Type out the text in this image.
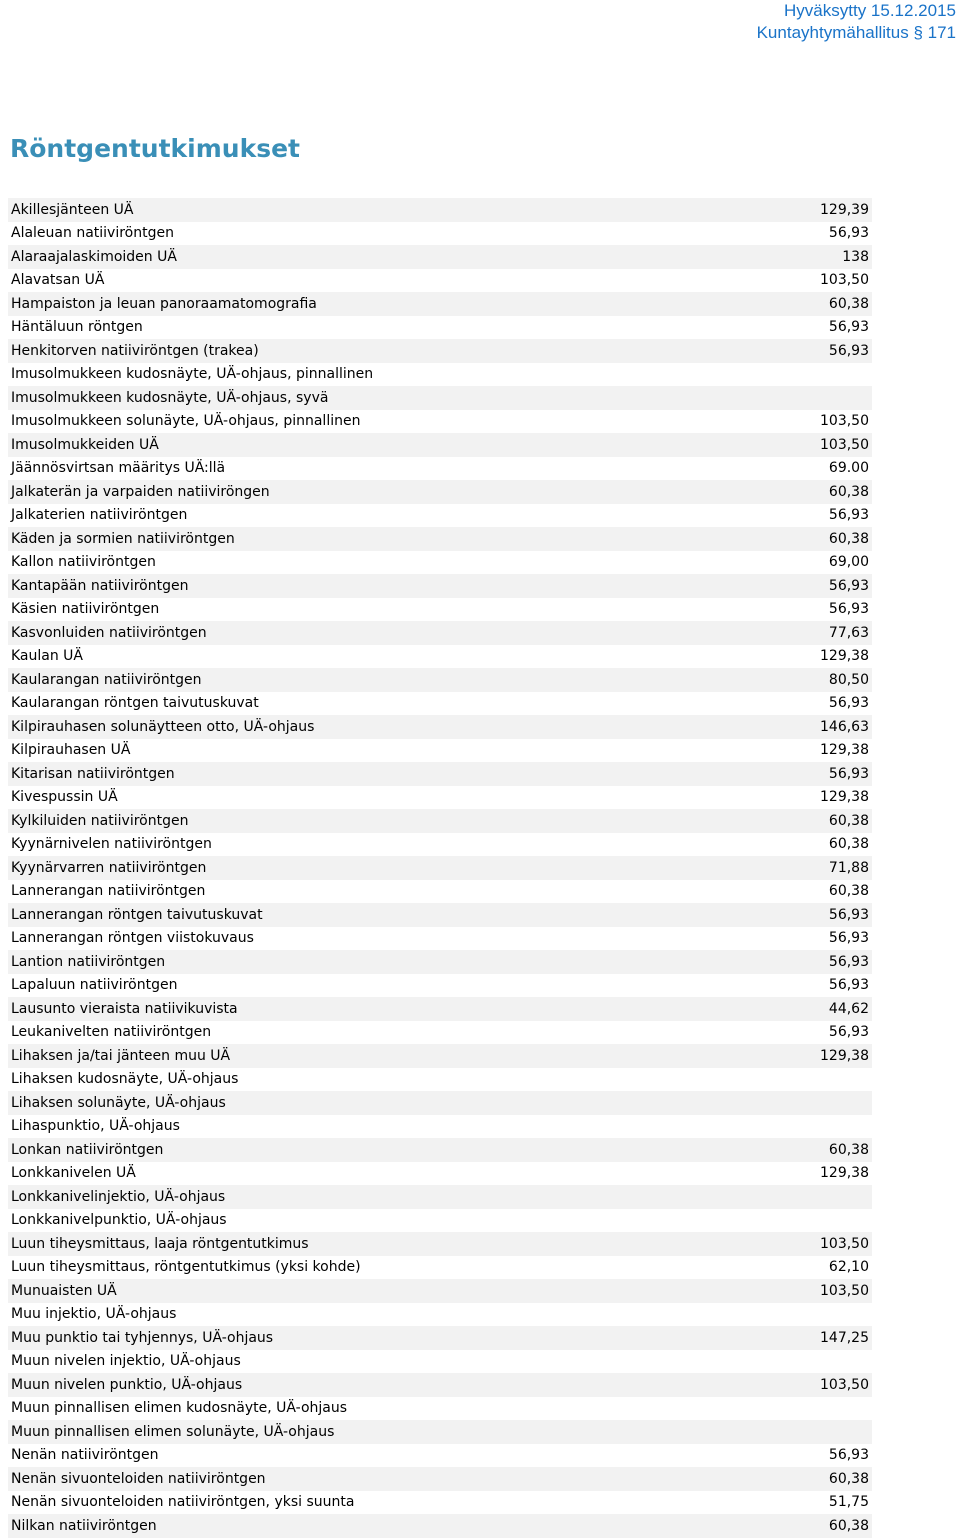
Hyväksytty 15.12.2015
Kuntayhtymähallitus § 171
Röntgentutkimukset
Akillesjänteen UÄ	129,39
Alaleuan natiiviröntgen	56,93
Alaraajalaskimoiden UÄ	138
Alavatsan UÄ	103,50
Hampaiston ja leuan panoraamatomografia	60,38
Häntäluun röntgen	56,93
Henkitorven natiiviröntgen (trakea)	56,93
Imusolmukkeen kudosnäyte, UÄ-ohjaus, pinnallinen
Imusolmukkeen kudosnäyte, UÄ-ohjaus, syvä
Imusolmukkeen solunäyte, UÄ-ohjaus, pinnallinen	103,50
Imusolmukkeiden UÄ	103,50
Jäännösvirtsan määritys UÄ:llä	69.00
Jalkaterän ja varpaiden natiiviröngen	60,38
Jalkaterien natiiviröntgen	56,93
Käden ja sormien natiiviröntgen	60,38
Kallon natiiviröntgen	69,00
Kantapään natiiviröntgen	56,93
Käsien natiiviröntgen	56,93
Kasvonluiden natiiviröntgen	77,63
Kaulan UÄ	129,38
Kaularangan natiiviröntgen	80,50
Kaularangan röntgen taivutuskuvat	56,93
Kilpirauhasen solunäytteen otto, UÄ-ohjaus	146,63
Kilpirauhasen UÄ	129,38
Kitarisan natiiviröntgen	56,93
Kivespussin UÄ	129,38
Kylkiluiden natiiviröntgen	60,38
Kyynärnivelen natiiviröntgen	60,38
Kyynärvarren natiiviröntgen	71,88
Lannerangan natiiviröntgen	60,38
Lannerangan röntgen taivutuskuvat	56,93
Lannerangan röntgen viistokuvaus	56,93
Lantion natiiviröntgen	56,93
Lapaluun natiiviröntgen	56,93
Lausunto vieraista natiivikuvista	44,62
Leukanivelten natiiviröntgen	56,93
Lihaksen ja/tai jänteen muu UÄ	129,38
Lihaksen kudosnäyte, UÄ-ohjaus
Lihaksen solunäyte, UÄ-ohjaus
Lihaspunktio, UÄ-ohjaus
Lonkan natiiviröntgen	60,38
Lonkkanivelen UÄ	129,38
Lonkkanivelinjektio, UÄ-ohjaus
Lonkkanivelpunktio, UÄ-ohjaus
Luun tiheysmittaus, laaja röntgentutkimus	103,50
Luun tiheysmittaus, röntgentutkimus (yksi kohde)	62,10
Munuaisten UÄ	103,50
Muu injektio, UÄ-ohjaus
Muu punktio tai tyhjennys, UÄ-ohjaus	147,25
Muun nivelen injektio, UÄ-ohjaus
Muun nivelen punktio, UÄ-ohjaus	103,50
Muun pinnallisen elimen kudosnäyte, UÄ-ohjaus
Muun pinnallisen elimen solunäyte, UÄ-ohjaus
Nenän natiiviröntgen	56,93
Nenän sivuonteloiden natiiviröntgen	60,38
Nenän sivuonteloiden natiiviröntgen, yksi suunta	51,75
Nilkan natiiviröntgen	60,38
